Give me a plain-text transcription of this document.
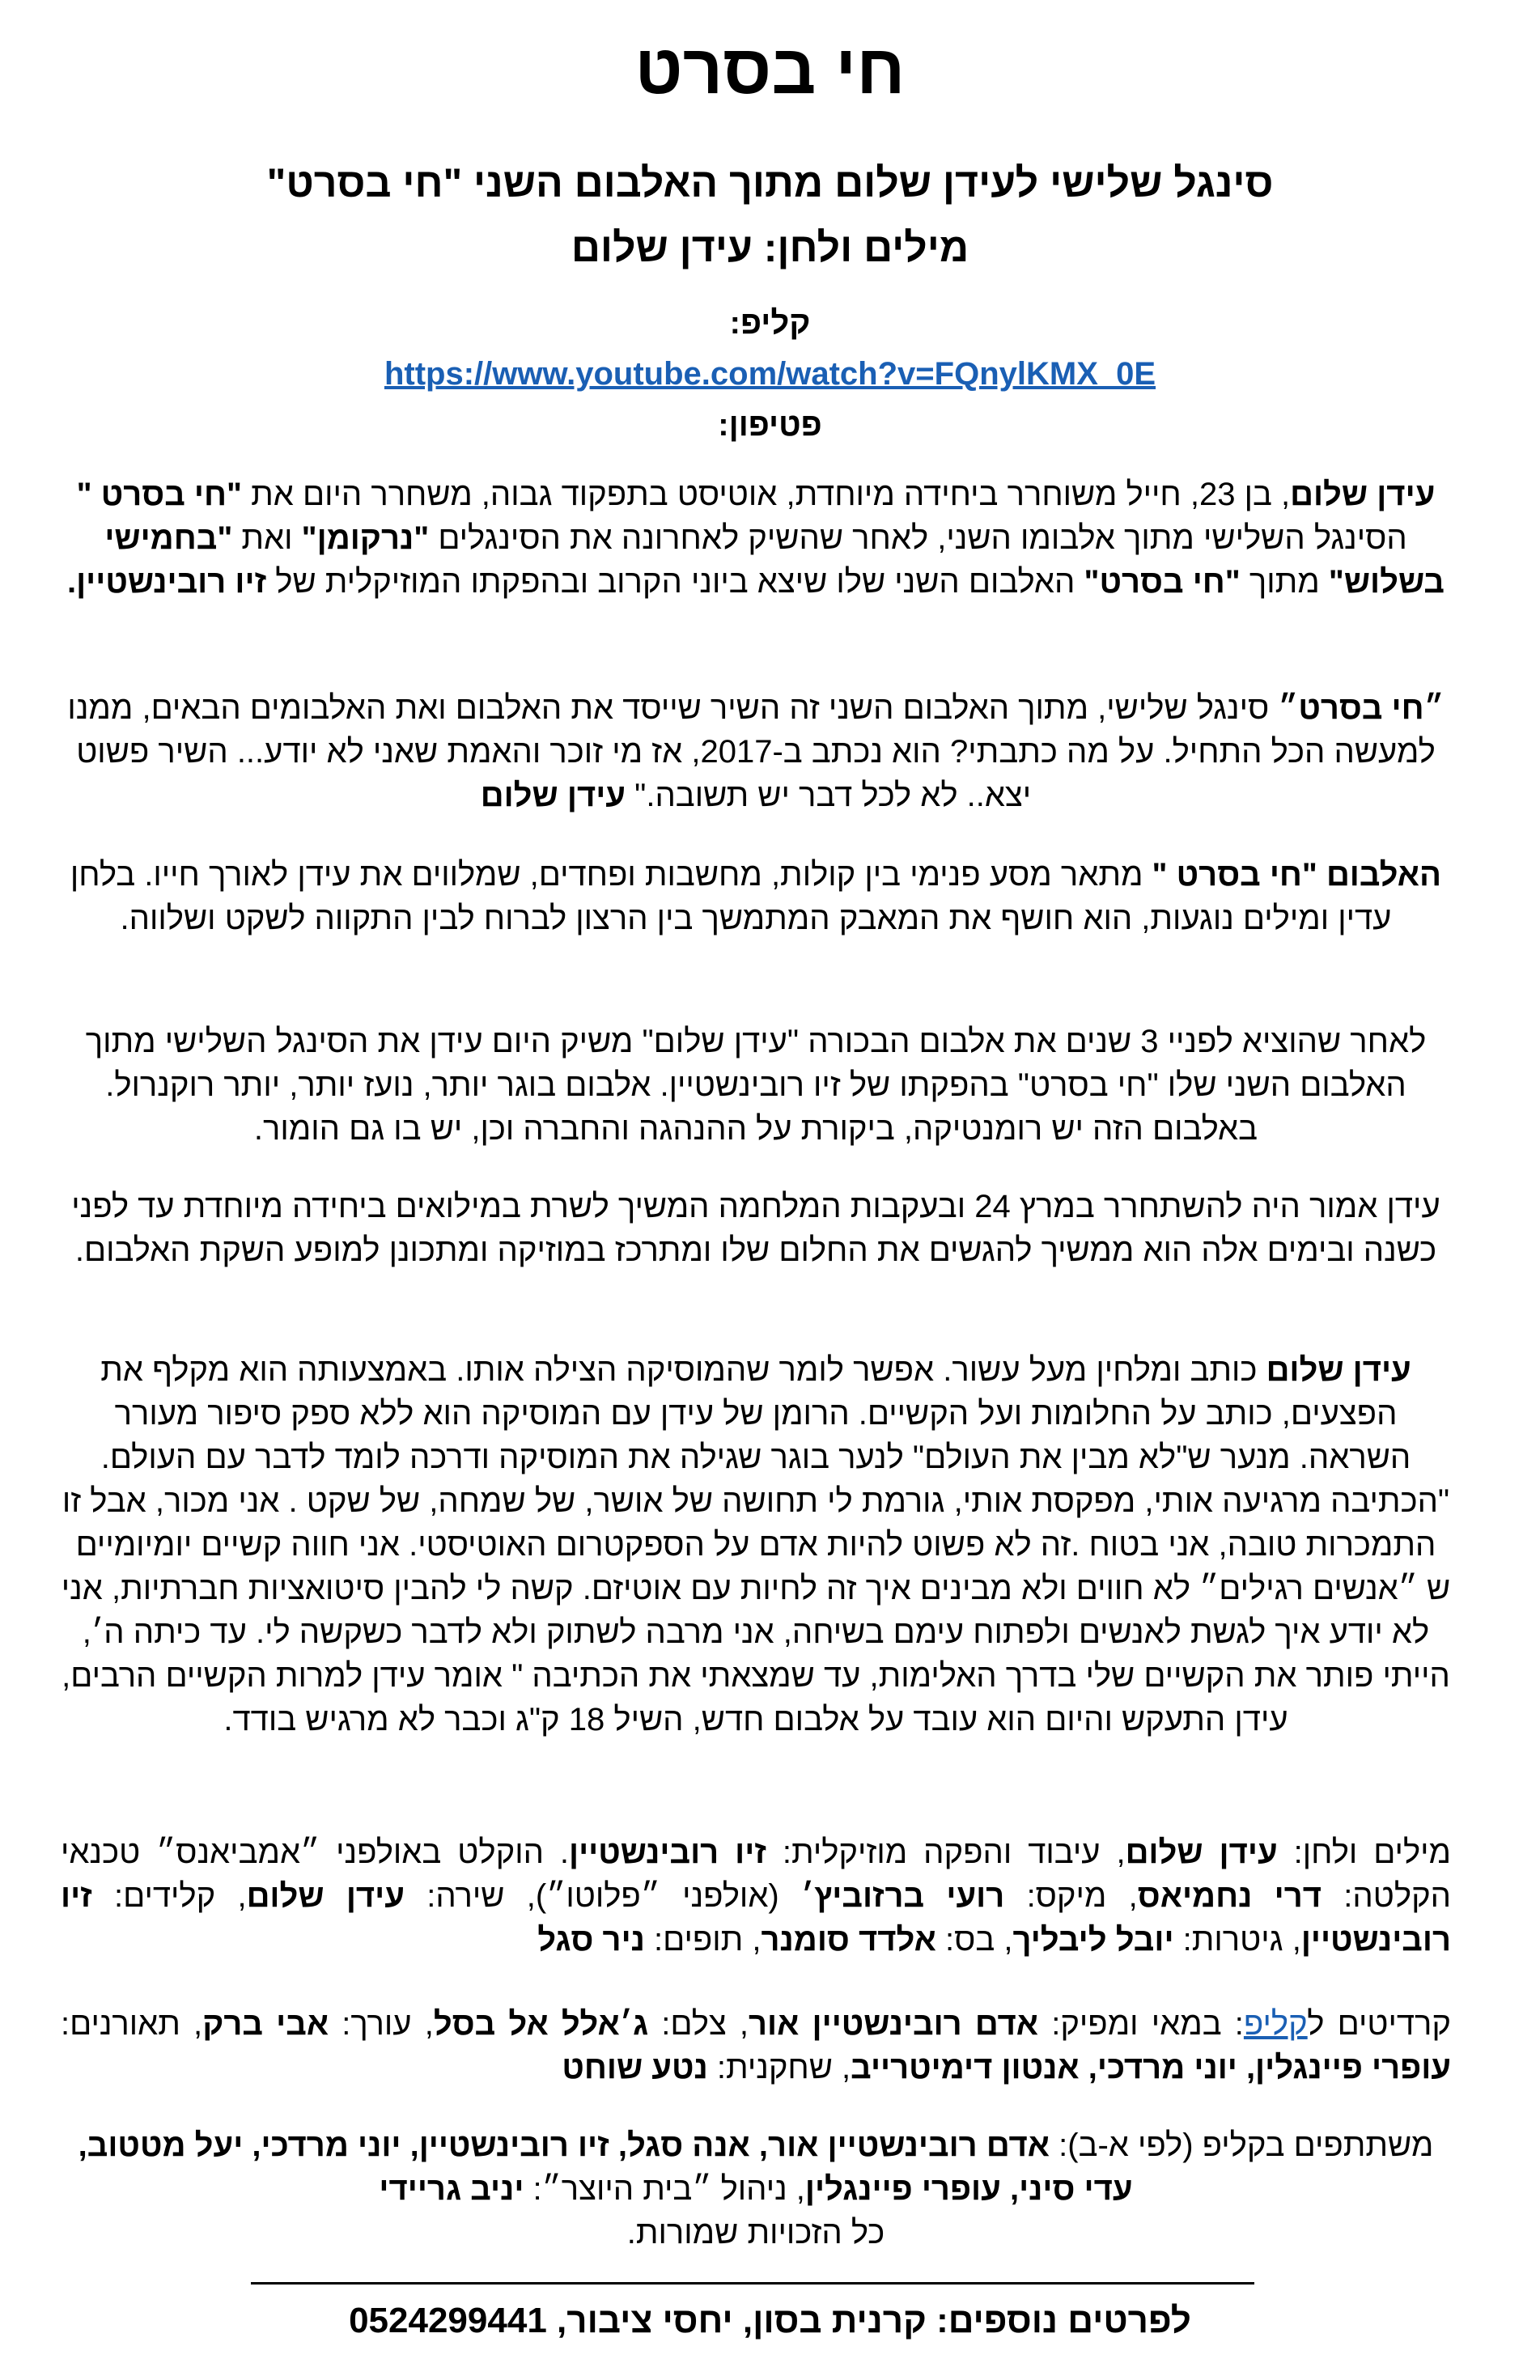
חי בסרט
סינגל שלישי לעידן שלום מתוך האלבום השני "חי בסרט"
מילים ולחן: עידן שלום
קליפ:
https://www.youtube.com/watch?v=FQnylKMX_0E
פטיפון:

עידן שלום, בן 23, חייל משוחרר ביחידה מיוחדת, אוטיסט בתפקוד גבוה, משחרר היום את "חי בסרט " הסינגל השלישי מתוך אלבומו השני, לאחר שהשיק לאחרונה את הסינגלים "נרקומן" ואת "בחמישי בשלוש" מתוך "חי בסרט" האלבום השני שלו שיצא ביוני הקרוב ובהפקתו המוזיקלית של זיו רובינשטיין.

״חי בסרט״ סינגל שלישי, מתוך האלבום השני זה השיר שייסד את האלבום ואת האלבומים הבאים, ממנו למעשה הכל התחיל. על מה כתבתי? הוא נכתב ב-2017, אז מי זוכר והאמת שאני לא יודע... השיר פשוט יצא.. לא לכל דבר יש תשובה." עידן שלום

האלבום "חי בסרט " מתאר מסע פנימי בין קולות, מחשבות ופחדים, שמלווים את עידן לאורך חייו. בלחן עדין ומילים נוגעות, הוא חושף את המאבק המתמשך בין הרצון לברוח לבין התקווה לשקט ושלווה.

לאחר שהוציא לפניי 3 שנים את אלבום הבכורה "עידן שלום" משיק היום עידן את הסינגל השלישי מתוך האלבום השני שלו "חי בסרט" בהפקתו של זיו רובינשטיין. אלבום בוגר יותר, נועז יותר, יותר רוקנרול. באלבום הזה יש רומנטיקה, ביקורת על ההנהגה והחברה וכן, יש בו גם הומור.

עידן אמור היה להשתחרר במרץ 24 ובעקבות המלחמה המשיך לשרת במילואים ביחידה מיוחדת עד לפני כשנה ובימים אלה הוא ממשיך להגשים את החלום שלו ומתרכז במוזיקה ומתכונן למופע השקת האלבום.

עידן שלום כותב ומלחין מעל עשור. אפשר לומר שהמוסיקה הצילה אותו. באמצעותה הוא מקלף את הפצעים, כותב על החלומות ועל הקשיים. הרומן של עידן עם המוסיקה הוא ללא ספק סיפור מעורר השראה. מנער ש"לא מבין את העולם" לנער בוגר שגילה את המוסיקה ודרכה לומד לדבר עם העולם. "הכתיבה מרגיעה אותי, מפקסת אותי, גורמת לי תחושה של אושר, של שמחה, של שקט . אני מכור, אבל זו התמכרות טובה, אני בטוח .זה לא פשוט להיות אדם על הספקטרום האוטיסטי. אני חווה קשיים יומיומיים ש ״אנשים רגילים״ לא חווים ולא מבינים איך זה לחיות עם אוטיזם. קשה לי להבין סיטואציות חברתיות, אני לא יודע איך לגשת לאנשים ולפתוח עימם בשיחה, אני מרבה לשתוק ולא לדבר כשקשה לי. עד כיתה ה׳, הייתי פותר את הקשיים שלי בדרך האלימות, עד שמצאתי את הכתיבה " אומר עידן למרות הקשיים הרבים, עידן התעקש והיום הוא עובד על אלבום חדש, השיל 18 ק"ג וכבר לא מרגיש בודד.

מילים ולחן: עידן שלום, עיבוד והפקה מוזיקלית: זיו רובינשטיין. הוקלט באולפני ״אמביאנס״ טכנאי הקלטה: דרי נחמיאס, מיקס: רועי ברזוביץ׳ (אולפני ״פלוטו״), שירה: עידן שלום, קלידים: זיו רובינשטיין, גיטרות: יובל ליבליך, בס: אלדד סומנר, תופים: ניר סגל

קרדיטים לקליפ: במאי ומפיק: אדם רובינשטיין אור, צלם: ג׳אלל אל בסל, עורך: אבי ברק, תאורנים: עופרי פיינגלין, יוני מרדכי, אנטון דימיטרייב, שחקנית: נטע שוחט

משתתפים בקליפ (לפי א-ב): אדם רובינשטיין אור, אנה סגל, זיו רובינשטיין, יוני מרדכי, יעל מטטוב, עדי סיני, עופרי פיינגלין, ניהול ״בית היוצר״: יניב גריידי
כל הזכויות שמורות.

לפרטים נוספים: קרנית בסון, יחסי ציבור, 0524299441
